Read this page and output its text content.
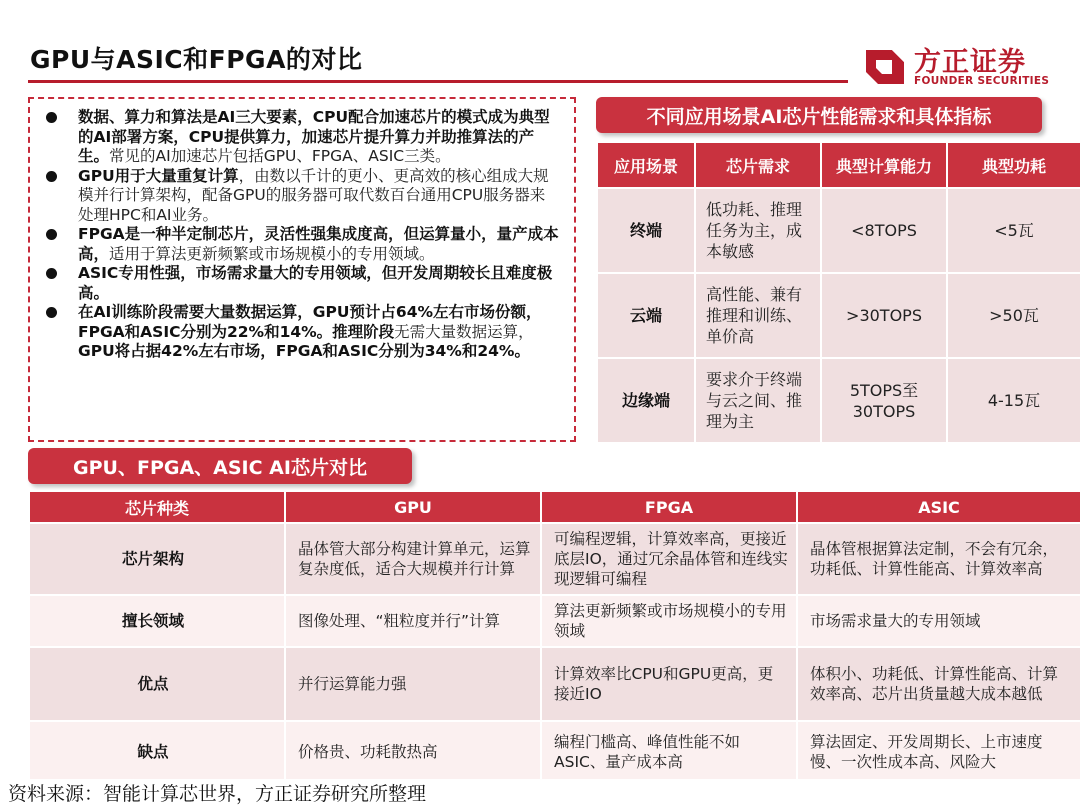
GPU与ASIC和FPGA的对比	方正证券
FOUNDER SECURITIES
数据、算力和算法是AI三大要素，CPU配合加速芯片的模式成为典型的AI部署方案，CPU提供算力，加速芯片提升算力并助推算法的产生。常见的AI加速芯片包括GPU、FPGA、ASIC三类。
GPU用于大量重复计算，由数以千计的更小、更高效的核心组成大规模并行计算架构，配备GPU的服务器可取代数百台通用CPU服务器来处理HPC和AI业务。
FPGA是一种半定制芯片，灵活性强集成度高，但运算量小，量产成本高，适用于算法更新频繁或市场规模小的专用领域。
ASIC专用性强，市场需求量大的专用领域，但开发周期较长且难度极高。
在AI训练阶段需要大量数据运算，GPU预计占64%左右市场份额，FPGA和ASIC分别为22%和14%。推理阶段无需大量数据运算，GPU将占据42%左右市场，FPGA和ASIC分别为34%和24%。
不同应用场景AI芯片性能需求和具体指标
应用场景	芯片需求	典型计算能力	典型功耗
终端	低功耗、推理任务为主，成本敏感	<8TOPS	<5瓦
云端	高性能、兼有推理和训练、单价高	>30TOPS	>50瓦
边缘端	要求介于终端与云之间、推理为主	5TOPS至30TOPS	4-15瓦
GPU、FPGA、ASIC AI芯片对比
芯片种类	GPU	FPGA	ASIC
芯片架构	晶体管大部分构建计算单元，运算复杂度低，适合大规模并行计算	可编程逻辑，计算效率高，更接近底层IO，通过冗余晶体管和连线实现逻辑可编程	晶体管根据算法定制，不会有冗余，功耗低、计算性能高、计算效率高
擅长领域	图像处理、“粗粒度并行”计算	算法更新频繁或市场规模小的专用领域	市场需求量大的专用领域
优点	并行运算能力强	计算效率比CPU和GPU更高，更接近IO	体积小、功耗低、计算性能高、计算效率高、芯片出货量越大成本越低
缺点	价格贵、功耗散热高	编程门槛高、峰值性能不如ASIC、量产成本高	算法固定、开发周期长、上市速度慢、一次性成本高、风险大
资料来源：智能计算芯世界，方正证券研究所整理
